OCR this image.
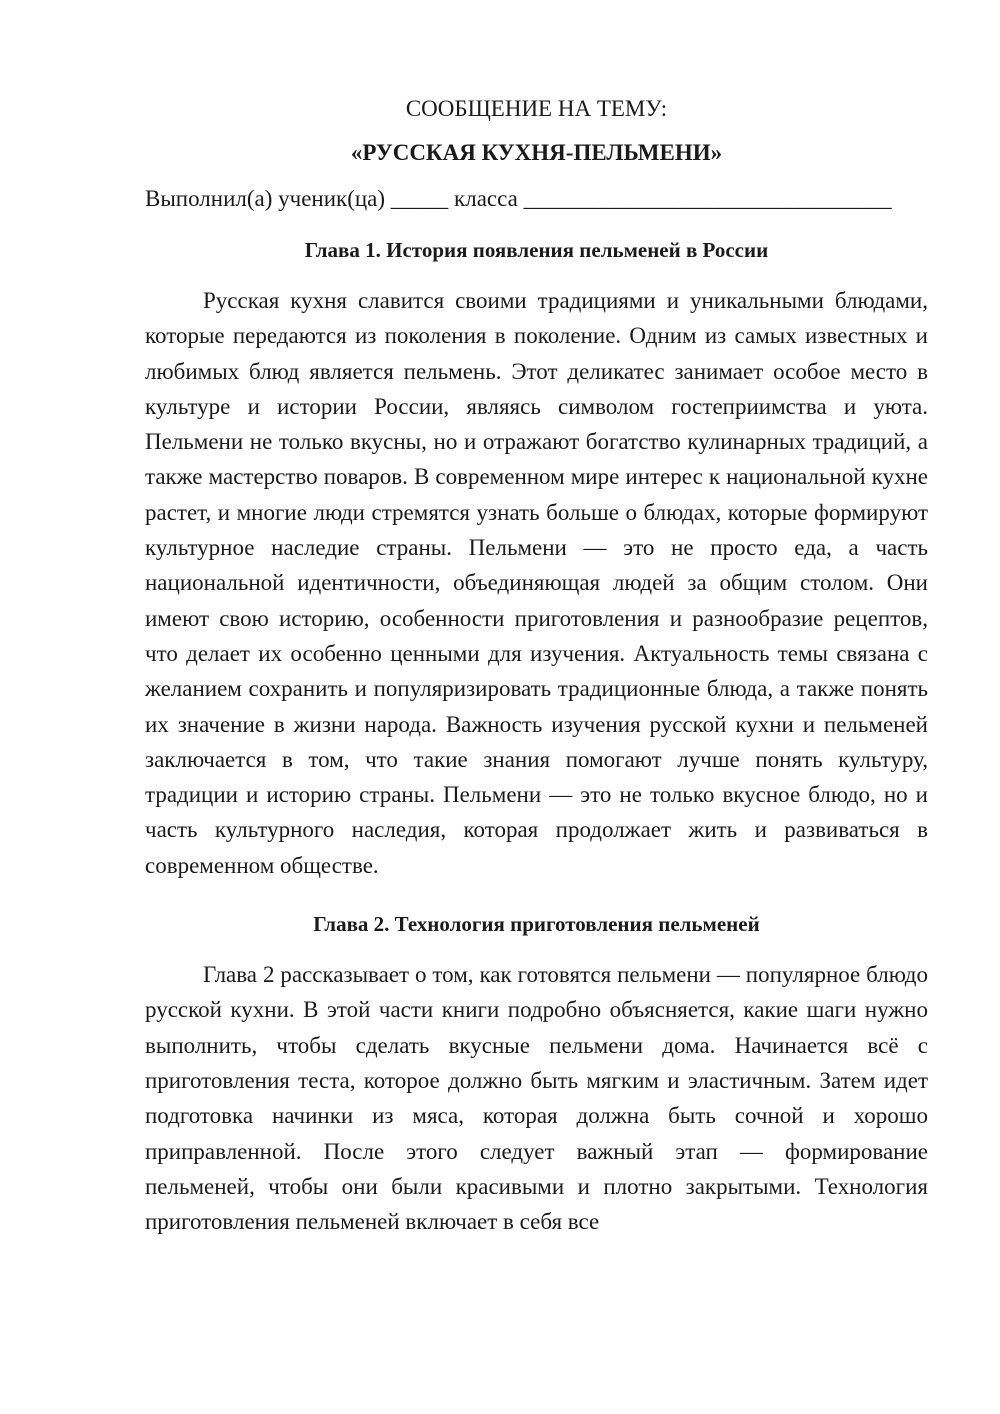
СООБЩЕНИЕ НА ТЕМУ:

«РУССКАЯ КУХНЯ-ПЕЛЬМЕНИ»

Выполнил(а) ученик(ца) _____ класса ________________________________

Глава 1. История появления пельменей в России

Русская кухня славится своими традициями и уникальными блюдами, которые передаются из поколения в поколение. Одним из самых известных и любимых блюд является пельмень. Этот деликатес занимает особое место в культуре и истории России, являясь символом гостеприимства и уюта. Пельмени не только вкусны, но и отражают богатство кулинарных традиций, а также мастерство поваров. В современном мире интерес к национальной кухне растет, и многие люди стремятся узнать больше о блюдах, которые формируют культурное наследие страны. Пельмени — это не просто еда, а часть национальной идентичности, объединяющая людей за общим столом. Они имеют свою историю, особенности приготовления и разнообразие рецептов, что делает их особенно ценными для изучения. Актуальность темы связана с желанием сохранить и популяризировать традиционные блюда, а также понять их значение в жизни народа. Важность изучения русской кухни и пельменей заключается в том, что такие знания помогают лучше понять культуру, традиции и историю страны. Пельмени — это не только вкусное блюдо, но и часть культурного наследия, которая продолжает жить и развиваться в современном обществе.

Глава 2. Технология приготовления пельменей

Глава 2 рассказывает о том, как готовятся пельмени — популярное блюдо русской кухни. В этой части книги подробно объясняется, какие шаги нужно выполнить, чтобы сделать вкусные пельмени дома. Начинается всё с приготовления теста, которое должно быть мягким и эластичным. Затем идет подготовка начинки из мяса, которая должна быть сочной и хорошо приправленной. После этого следует важный этап — формирование пельменей, чтобы они были красивыми и плотно закрытыми. Технология приготовления пельменей включает в себя все
